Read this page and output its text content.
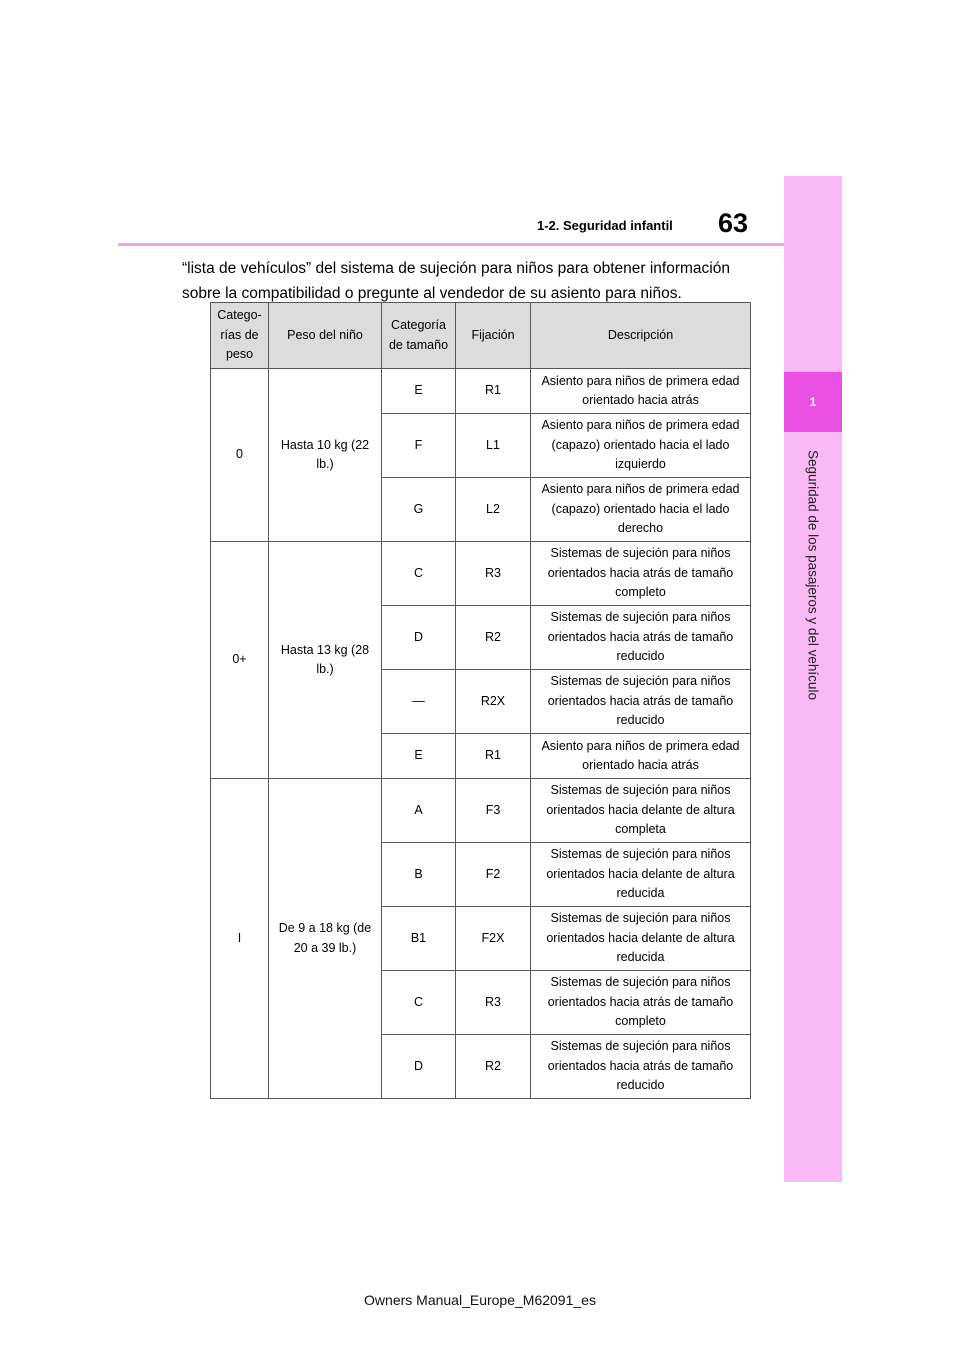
1
Seguridad de los pasajeros y del vehículo
63
1-2. Seguridad infantil
“lista de vehículos” del sistema de sujeción para niños para obtener información sobre la compatibilidad o pregunte al vendedor de su asiento para niños.
Catego- rías de peso	Peso del niño	Categoría de tamaño	Fijación	Descripción
0	Hasta 10 kg (22 lb.)	E	R1	Asiento para niños de primera edad orientado hacia atrás
		F	L1	Asiento para niños de primera edad (capazo) orientado hacia el lado izquierdo
		G	L2	Asiento para niños de primera edad (capazo) orientado hacia el lado derecho
0+	Hasta 13 kg (28 lb.)	C	R3	Sistemas de sujeción para niños orientados hacia atrás de tamaño completo
		D	R2	Sistemas de sujeción para niños orientados hacia atrás de tamaño reducido
		—	R2X	Sistemas de sujeción para niños orientados hacia atrás de tamaño reducido
		E	R1	Asiento para niños de primera edad orientado hacia atrás
I	De 9 a 18 kg (de 20 a 39 lb.)	A	F3	Sistemas de sujeción para niños orientados hacia delante de altura completa
		B	F2	Sistemas de sujeción para niños orientados hacia delante de altura reducida
		B1	F2X	Sistemas de sujeción para niños orientados hacia delante de altura reducida
		C	R3	Sistemas de sujeción para niños orientados hacia atrás de tamaño completo
		D	R2	Sistemas de sujeción para niños orientados hacia atrás de tamaño reducido
Owners Manual_Europe_M62091_es
